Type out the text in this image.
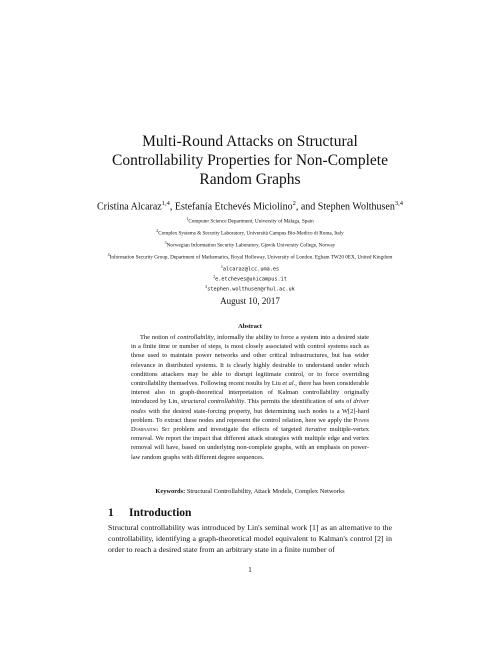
Multi-Round Attacks on Structural
Controllability Properties for Non-Complete
Random Graphs
Cristina Alcaraz$^{1,4}$, Estefanía Etchevés Miciolino$^2$, and Stephen Wolthusen$^{3,4}$
$^1$Computer Science Department, University of Málaga, Spain
$^2$Complex Systems & Security Laboratory, Università Campus Bio-Medico di Roma, Italy
$^3$Norwegian Information Security Laboratory, Gjøvik University College, Norway
$^4$Information Security Group, Department of Mathematics, Royal Holloway, University of London. Egham TW20 0EX, United Kingdom
$^1$alcaraz@lcc.uma.es
$^2$e.etcheves@unicampus.it
$^3$stephen.wolthusen@rhul.ac.uk
August 10, 2017
Abstract
The notion of controllability, informally the ability to force a system into a desired state in a finite time or number of steps, is most closely associated with control systems such as those used to maintain power networks and other critical infrastructures, but has wider relevance in distributed systems. It is clearly highly desirable to understand under which conditions attackers may be able to disrupt legitimate control, or to force overriding controllability themselves. Following recent results by Liu et al., there has been considerable interest also in graph-theoretical interpretation of Kalman controllability originally introduced by Lin, structural controllability. This permits the identification of sets of driver nodes with the desired state-forcing property, but determining such nodes is a W[2]-hard problem. To extract these nodes and represent the control relation, here we apply the Power Dominating Set problem and investigate the effects of targeted iterative multiple-vertex removal. We report the impact that different attack strategies with multiple edge and vertex removal will have, based on underlying non-complete graphs, with an emphasis on power-law random graphs with different degree sequences.
Keywords: Structural Controllability, Attack Models, Complex Networks
1 Introduction
Structural controllability was introduced by Lin's seminal work [1] as an alternative to the controllability, identifying a graph-theoretical model equivalent to Kalman's control [2] in order to reach a desired state from an arbitrary state in a finite number of
1
